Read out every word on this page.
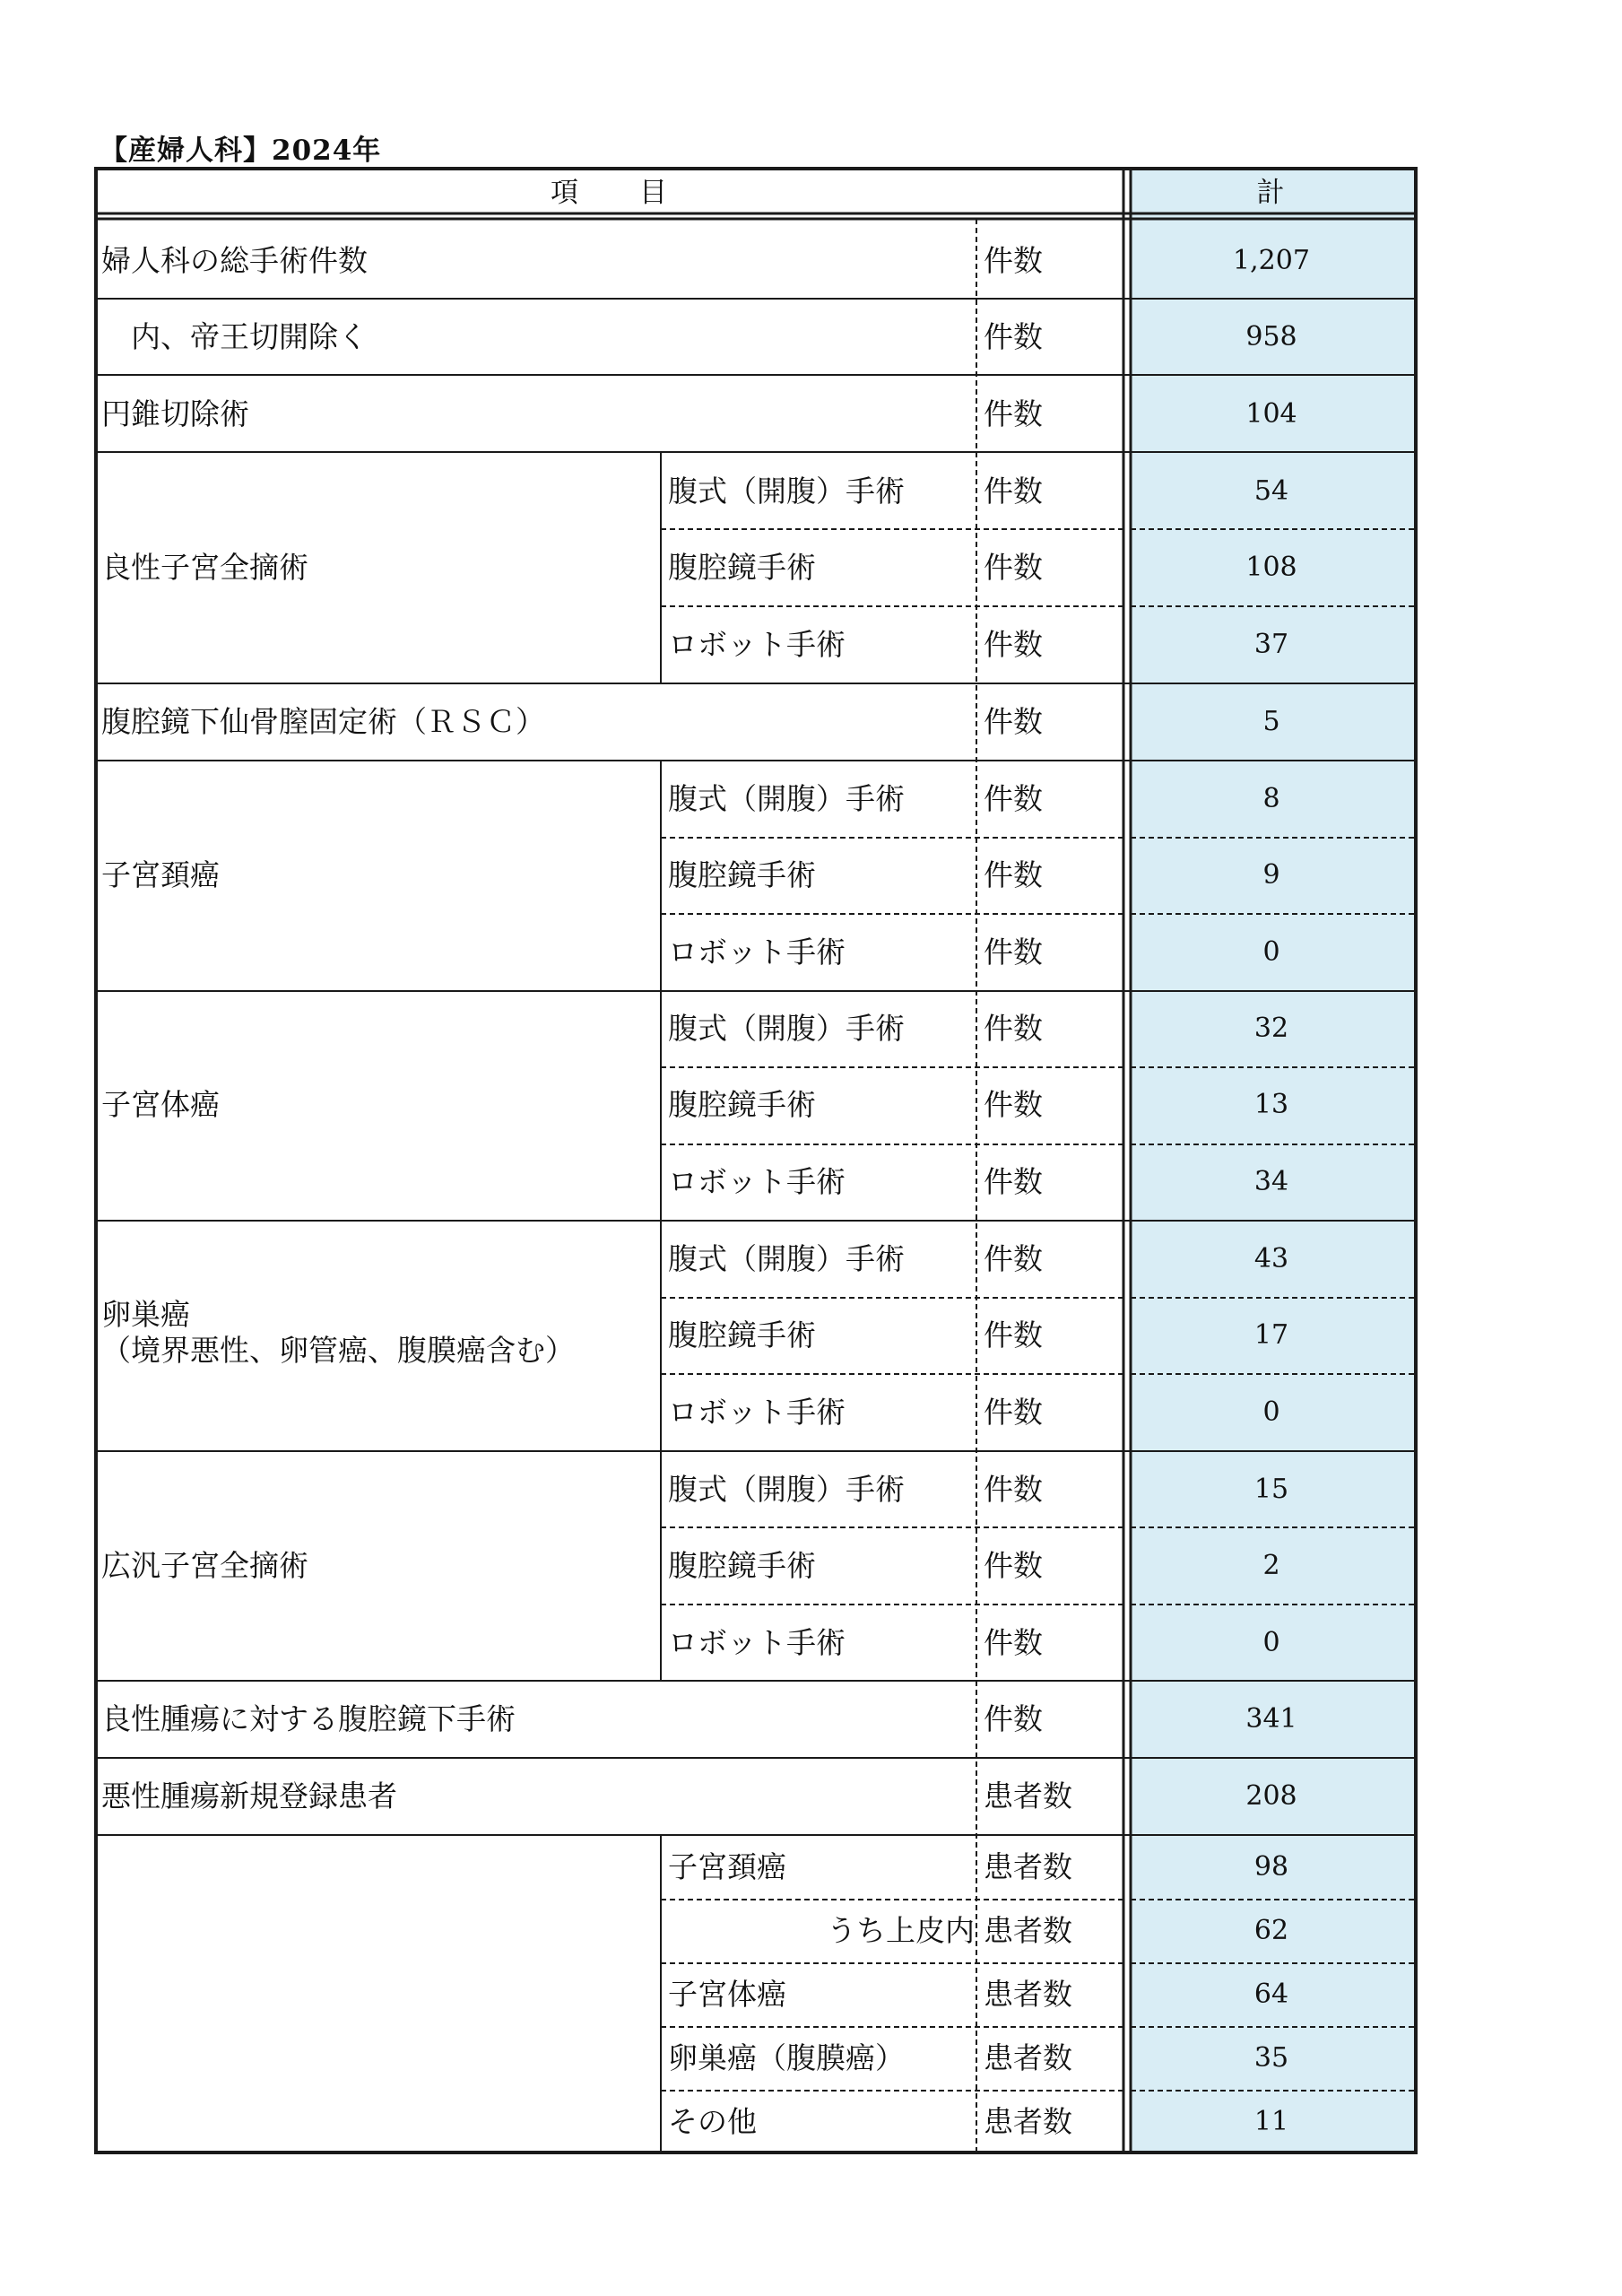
【産婦人科】2024年
項　　目	計
婦人科の総手術件数	件数	1,207
　内、帝王切開除く	件数	958
円錐切除術	件数	104
良性子宮全摘術
腹式（開腹）手術	件数	54
腹腔鏡手術	件数	108
ロボット手術	件数	37
腹腔鏡下仙骨膣固定術（ＲＳＣ）	件数	5
子宮頚癌
腹式（開腹）手術	件数	8
腹腔鏡手術	件数	9
ロボット手術	件数	0
子宮体癌
腹式（開腹）手術	件数	32
腹腔鏡手術	件数	13
ロボット手術	件数	34
卵巣癌
（境界悪性、卵管癌、腹膜癌含む）
腹式（開腹）手術	件数	43
腹腔鏡手術	件数	17
ロボット手術	件数	0
広汎子宮全摘術
腹式（開腹）手術	件数	15
腹腔鏡手術	件数	2
ロボット手術	件数	0
良性腫瘍に対する腹腔鏡下手術	件数	341
悪性腫瘍新規登録患者	患者数	208
子宮頚癌	患者数	98
うち上皮内 患者数	62
子宮体癌	患者数	64
卵巣癌（腹膜癌）	患者数	35
その他	患者数	11
